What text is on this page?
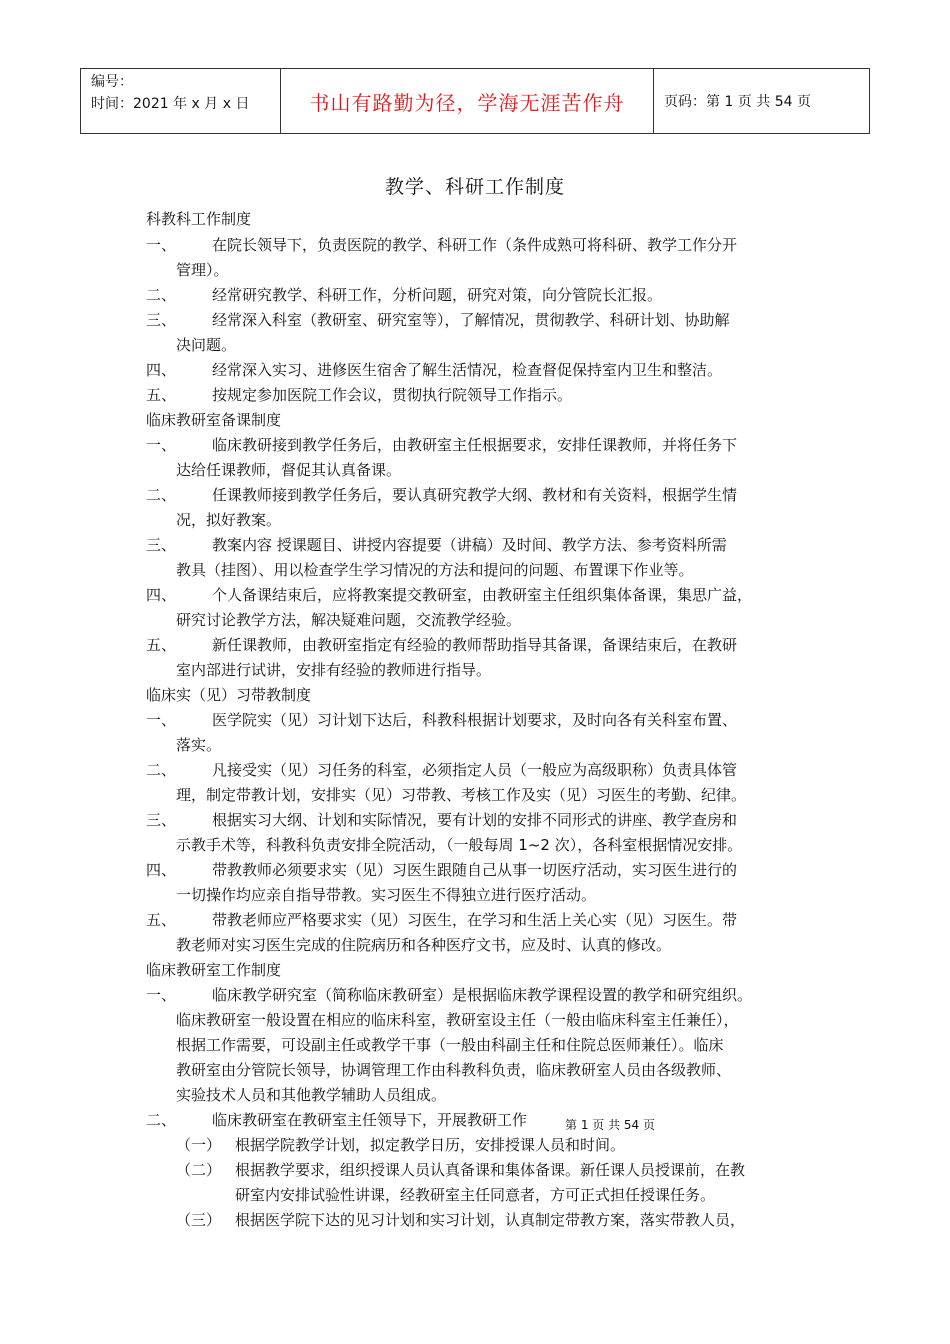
编号：
时间：2021 年 x 月 x 日	书山有路勤为径，学海无涯苦作舟	页码：第 1 页 共 54 页
教学、科研工作制度
科教科工作制度
一、 在院长领导下，负责医院的教学、科研工作（条件成熟可将科研、教学工作分开
管理）。
二、 经常研究教学、科研工作，分析问题，研究对策，向分管院长汇报。
三、 经常深入科室（教研室、研究室等），了解情况，贯彻教学、科研计划、协助解
决问题。
四、 经常深入实习、进修医生宿舍了解生活情况，检查督促保持室内卫生和整洁。
五、 按规定参加医院工作会议，贯彻执行院领导工作指示。
临床教研室备课制度
一、 临床教研接到教学任务后，由教研室主任根据要求，安排任课教师，并将任务下
达给任课教师，督促其认真备课。
二、 任课教师接到教学任务后，要认真研究教学大纲、教材和有关资料，根据学生情
况，拟好教案。
三、 教案内容 授课题目、讲授内容提要（讲稿）及时间、教学方法、参考资料所需
教具（挂图）、用以检查学生学习情况的方法和提问的问题、布置课下作业等。
四、 个人备课结束后，应将教案提交教研室，由教研室主任组织集体备课，集思广益，
研究讨论教学方法，解决疑难问题，交流教学经验。
五、 新任课教师，由教研室指定有经验的教师帮助指导其备课，备课结束后，在教研
室内部进行试讲，安排有经验的教师进行指导。
临床实（见）习带教制度
一、 医学院实（见）习计划下达后，科教科根据计划要求，及时向各有关科室布置、
落实。
二、 凡接受实（见）习任务的科室，必须指定人员（一般应为高级职称）负责具体管
理，制定带教计划，安排实（见）习带教、考核工作及实（见）习医生的考勤、纪律。
三、 根据实习大纲、计划和实际情况，要有计划的安排不同形式的讲座、教学查房和
示教手术等，科教科负责安排全院活动，（一般每周 1~2 次），各科室根据情况安排。
四、 带教教师必须要求实（见）习医生跟随自己从事一切医疗活动，实习医生进行的
一切操作均应亲自指导带教。实习医生不得独立进行医疗活动。
五、 带教老师应严格要求实（见）习医生，在学习和生活上关心实（见）习医生。带
教老师对实习医生完成的住院病历和各种医疗文书，应及时、认真的修改。
临床教研室工作制度
一、 临床教学研究室（简称临床教研室）是根据临床教学课程设置的教学和研究组织。
临床教研室一般设置在相应的临床科室，教研室设主任（一般由临床科室主任兼任），
根据工作需要，可设副主任或教学干事（一般由科副主任和住院总医师兼任）。临床
教研室由分管院长领导，协调管理工作由科教科负责，临床教研室人员由各级教师、
实验技术人员和其他教学辅助人员组成。
二、 临床教研室在教研室主任领导下，开展教研工作	第 1 页 共 54 页
（一） 根据学院教学计划，拟定教学日历，安排授课人员和时间。
（二） 根据教学要求，组织授课人员认真备课和集体备课。新任课人员授课前，在教
研室内安排试验性讲课，经教研室主任同意者，方可正式担任授课任务。
（三） 根据医学院下达的见习计划和实习计划，认真制定带教方案，落实带教人员，
